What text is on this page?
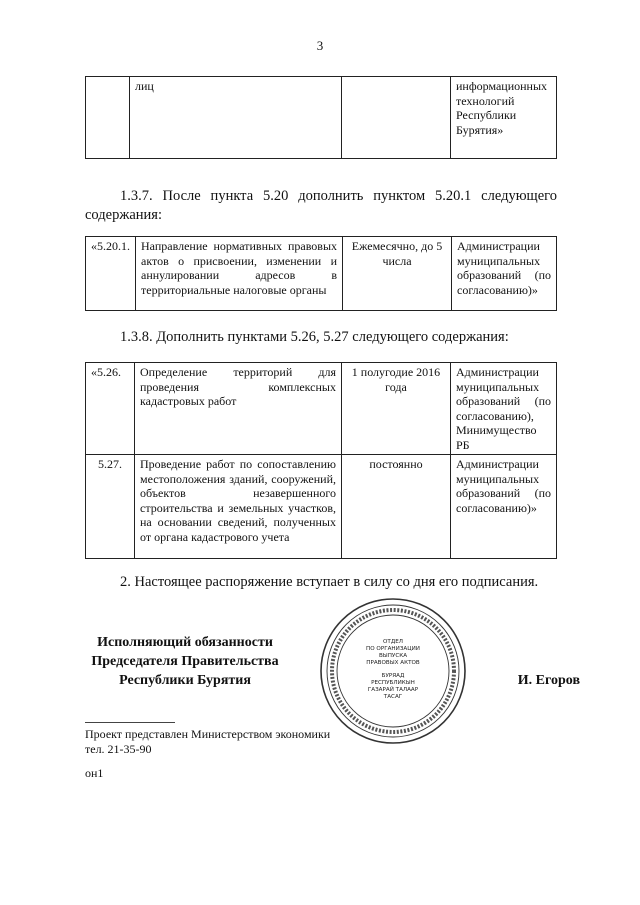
3
	лиц		информационных технологий Республики Бурятия»
1.3.7. После пункта 5.20 дополнить пунктом 5.20.1 следующего
содержания:
«5.20.1.	Направление нормативных правовых актов о присвоении, изменении и аннулировании адресов в территориальные налоговые органы	Ежемесячно, до 5 числа	Администрации муниципальных образований (по согласованию)»
1.3.8. Дополнить пунктами 5.26, 5.27 следующего содержания:
«5.26.	Определение территорий для проведения комплексных кадастровых работ	1 полугодие 2016 года	Администрации муниципальных образований (по согласованию), Минимущество РБ
5.27.	Проведение работ по сопоставлению местоположения зданий, сооружений, объектов незавершенного строительства и земельных участков, на основании сведений, полученных от органа кадастрового учета	постоянно	Администрации муниципальных образований (по согласованию)»
2. Настоящее распоряжение вступает в силу со дня его подписания.
Исполняющий обязанности
Председателя Правительства
Республики Бурятия
ОТДЕЛ
ПО ОРГАНИЗАЦИИ
ВЫПУСКА
ПРАВОВЫХ АКТОВ
БУРЯАД
РЕСПУБЛИКЫН
ГАЗАРАЙ ТАЛААР
ТАСАГ
И. Егоров
Проект представлен Министерством экономики
тел. 21-35-90
он1
